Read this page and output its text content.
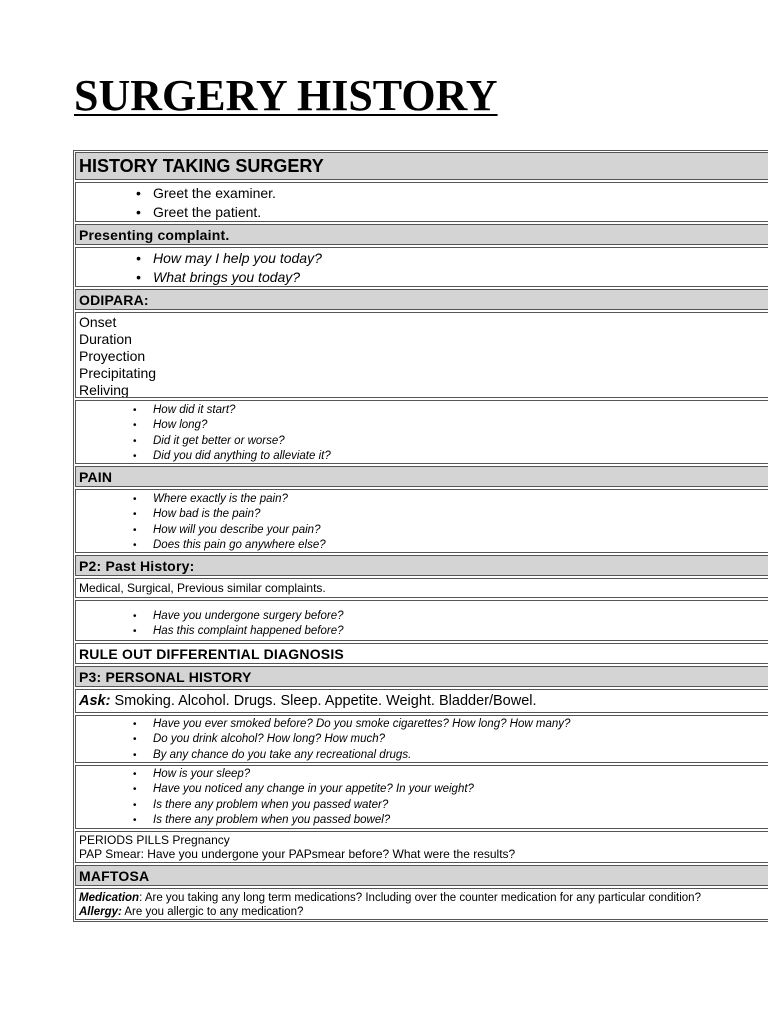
SURGERY HISTORY
HISTORY TAKING SURGERY
• Greet the examiner.
• Greet the patient.
Presenting complaint.
• How may I help you today?
• What brings you today?
ODIPARA:
Onset
Duration
Proyection
Precipitating
Reliving
• How did it start?
• How long?
• Did it get better or worse?
• Did you did anything to alleviate it?
PAIN
• Where exactly is the pain?
• How bad is the pain?
• How will you describe your pain?
• Does this pain go anywhere else?
P2: Past History:
Medical, Surgical, Previous similar complaints.
• Have you undergone surgery before?
• Has this complaint happened before?
RULE OUT DIFFERENTIAL DIAGNOSIS
P3: PERSONAL HISTORY
Ask: Smoking. Alcohol. Drugs. Sleep. Appetite. Weight. Bladder/Bowel.
• Have you ever smoked before? Do you smoke cigarettes? How long? How many?
• Do you drink alcohol? How long? How much?
• By any chance do you take any recreational drugs.
• How is your sleep?
• Have you noticed any change in your appetite? In your weight?
• Is there any problem when you passed water?
• Is there any problem when you passed bowel?
PERIODS PILLS Pregnancy
PAP Smear: Have you undergone your PAPsmear before? What were the results?
MAFTOSA
Medication: Are you taking any long term medications? Including over the counter medication for any particular condition?
Allergy: Are you allergic to any medication?
